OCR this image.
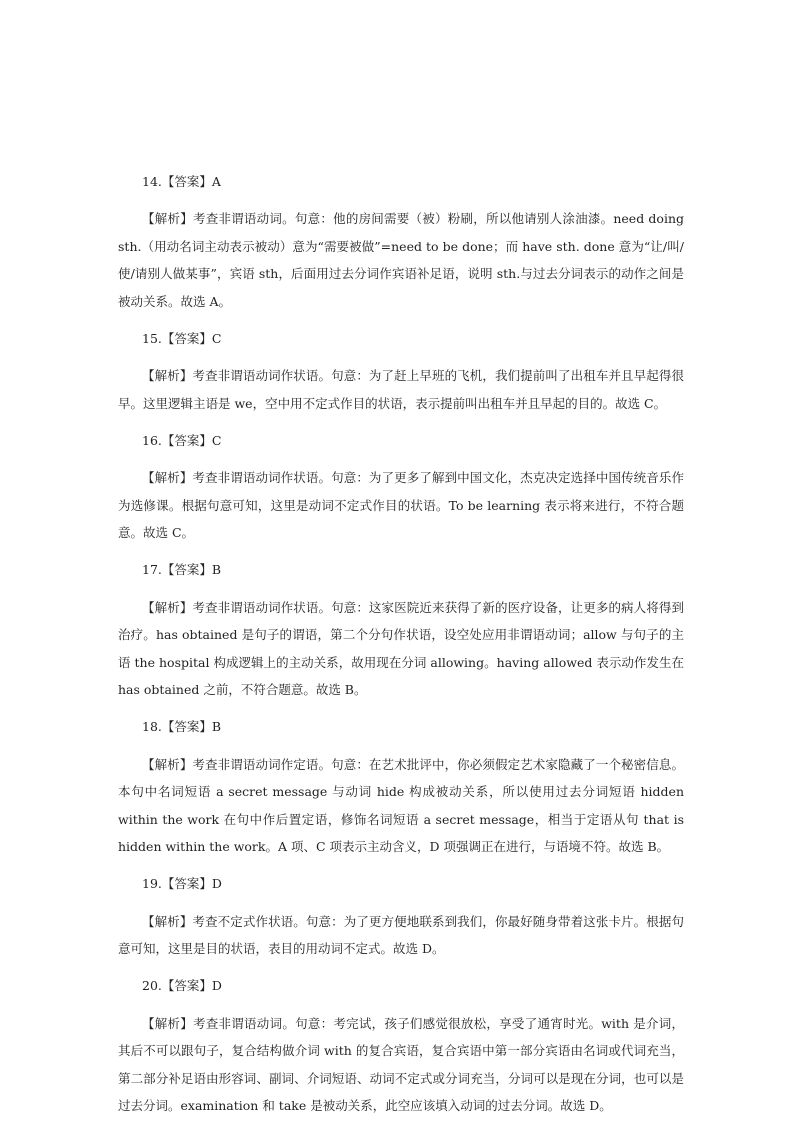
14.【答案】A

【解析】考查非谓语动词。句意：他的房间需要（被）粉刷，所以他请别人涂油漆。need doing sth.（用动名词主动表示被动）意为“需要被做”=need to be done；而 have sth. done 意为“让/叫/使/请别人做某事”，宾语 sth，后面用过去分词作宾语补足语，说明 sth.与过去分词表示的动作之间是被动关系。故选 A。

15.【答案】C

【解析】考查非谓语动词作状语。句意：为了赶上早班的飞机，我们提前叫了出租车并且早起得很早。这里逻辑主语是 we，空中用不定式作目的状语，表示提前叫出租车并且早起的目的。故选 C。

16.【答案】C

【解析】考查非谓语动词作状语。句意：为了更多了解到中国文化，杰克决定选择中国传统音乐作为选修课。根据句意可知，这里是动词不定式作目的状语。To be learning 表示将来进行，不符合题意。故选 C。

17.【答案】B

【解析】考查非谓语动词作状语。句意：这家医院近来获得了新的医疗设备，让更多的病人将得到治疗。has obtained 是句子的谓语，第二个分句作状语，设空处应用非谓语动词；allow 与句子的主语 the hospital 构成逻辑上的主动关系，故用现在分词 allowing。having allowed 表示动作发生在 has obtained 之前，不符合题意。故选 B。

18.【答案】B

【解析】考查非谓语动词作定语。句意：在艺术批评中，你必须假定艺术家隐藏了一个秘密信息。本句中名词短语 a secret message 与动词 hide 构成被动关系，所以使用过去分词短语 hidden within the work 在句中作后置定语，修饰名词短语 a secret message，相当于定语从句 that is hidden within the work。A 项、C 项表示主动含义，D 项强调正在进行，与语境不符。故选 B。

19.【答案】D

【解析】考查不定式作状语。句意：为了更方便地联系到我们，你最好随身带着这张卡片。根据句意可知，这里是目的状语，表目的用动词不定式。故选 D。

20.【答案】D

【解析】考查非谓语动词。句意：考完试，孩子们感觉很放松，享受了通宵时光。with 是介词，其后不可以跟句子，复合结构做介词 with 的复合宾语，复合宾语中第一部分宾语由名词或代词充当，第二部分补足语由形容词、副词、介词短语、动词不定式或分词充当，分词可以是现在分词，也可以是过去分词。examination 和 take 是被动关系，此空应该填入动词的过去分词。故选 D。
